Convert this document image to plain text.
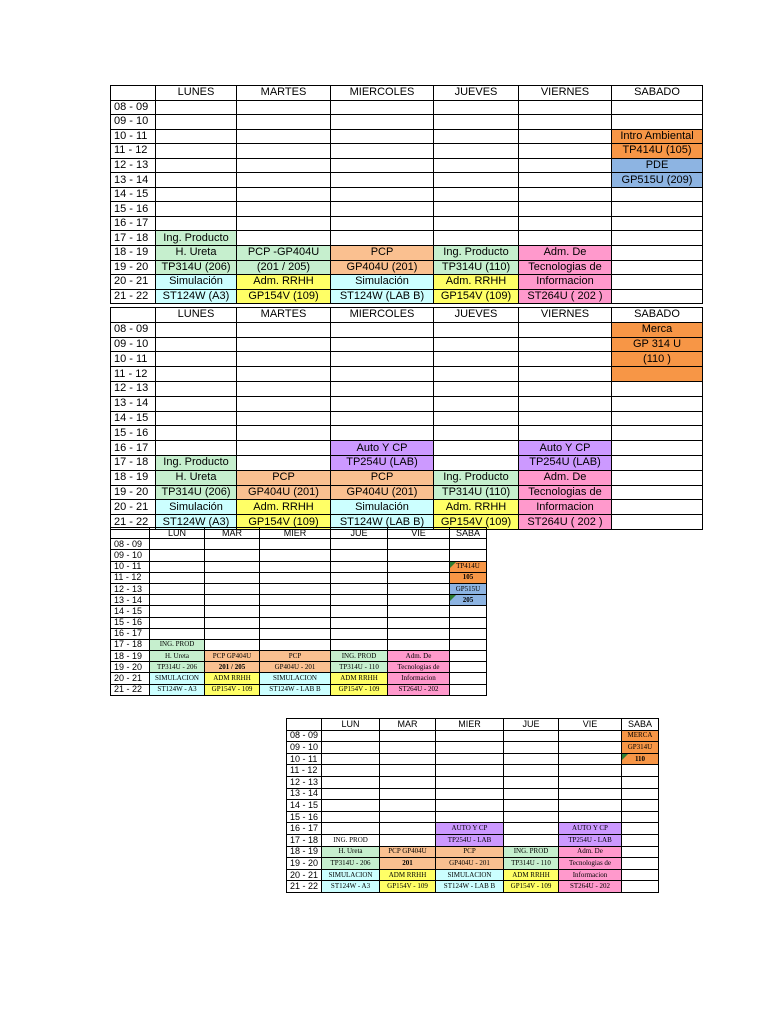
	LUNES	MARTES	MIERCOLES	JUEVES	VIERNES	SABADO
08 - 09						
09 - 10						
10 - 11						Intro Ambiental
11 - 12						TP414U (105)
12 - 13						PDE
13 - 14						GP515U (209)
14 - 15						
15 - 16						
16 - 17						
17 - 18	Ing. Producto					
18 - 19	H. Ureta	PCP -GP404U	PCP	Ing. Producto	Adm. De	
19 - 20	TP314U (206)	(201 / 205)	GP404U (201)	TP314U (110)	Tecnologias de	
20 - 21	Simulación	Adm. RRHH	Simulación	Adm. RRHH	Informacion	
21 - 22	ST124W (A3)	GP154V (109)	ST124W (LAB B)	GP154V (109)	ST264U ( 202 )	
	LUNES	MARTES	MIERCOLES	JUEVES	VIERNES	SABADO
08 - 09						Merca
09 - 10						GP 314 U
10 - 11						(110 )
11 - 12						
12 - 13						
13 - 14						
14 - 15						
15 - 16						
16 - 17			Auto Y CP		Auto Y CP	
17 - 18	Ing. Producto		TP254U (LAB)		TP254U (LAB)	
18 - 19	H. Ureta	PCP	PCP	Ing. Producto	Adm. De	
19 - 20	TP314U (206)	GP404U (201)	GP404U (201)	TP314U (110)	Tecnologias de	
20 - 21	Simulación	Adm. RRHH	Simulación	Adm. RRHH	Informacion	
21 - 22	ST124W (A3)	GP154V (109)	ST124W (LAB B)	GP154V (109)	ST264U ( 202 )	
	LUN	MAR	MIER	JUE	VIE	SABA
08 - 09						
09 - 10						
10 - 11						TP414U
11 - 12						105
12 - 13						GP515U
13 - 14						205
14 - 15						
15 - 16						
16 - 17						
17 - 18	ING. PROD					
18 - 19	H. Ureta	PCP GP404U	PCP	ING. PROD	Adm. De	
19 - 20	TP314U - 206	201 / 205	GP404U - 201	TP314U - 110	Tecnologias de	
20 - 21	SIMULACION	ADM RRHH	SIMULACION	ADM RRHH	Informacion	
21 - 22	ST124W - A3	GP154V - 109	ST124W - LAB B	GP154V - 109	ST264U - 202	
	LUN	MAR	MIER	JUE	VIE	SABA
08 - 09						MERCA
09 - 10						GP314U
10 - 11						110
11 - 12						
12 - 13						
13 - 14						
14 - 15						
15 - 16						
16 - 17			AUTO Y CP		AUTO Y CP	
17 - 18	ING. PROD		TP254U - LAB		TP254U - LAB	
18 - 19	H. Ureta	PCP GP404U	PCP	ING. PROD	Adm. De	
19 - 20	TP314U - 206	201	GP404U - 201	TP314U - 110	Tecnologias de	
20 - 21	SIMULACION	ADM RRHH	SIMULACION	ADM RRHH	Informacion	
21 - 22	ST124W - A3	GP154V - 109	ST124W - LAB B	GP154V - 109	ST264U - 202	
